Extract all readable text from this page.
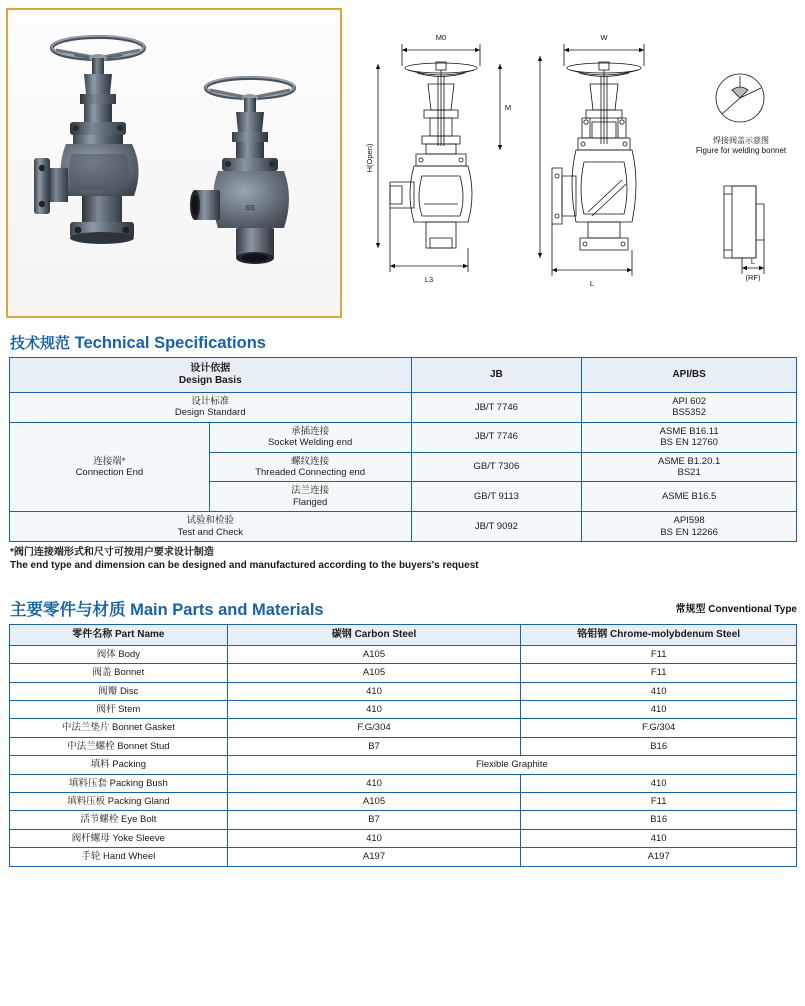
SS
M0
M
L3
H(Open)
W
L
焊接阀盖示意图
Figure for welding bonnet
L
(RF)
技术规范 Technical Specifications
设计依据
Design Basis		JB	API/BS

设计标准
Design Standard		JB/T 7746	API 602
BS5352

连接端*
Connection End	承插连接
Socket Welding end	JB/T 7746	ASME B16.11
BS EN 12760

	螺纹连接
Threaded Connecting end	GB/T 7306	ASME B1.20.1
BS21

	法兰连接
Flanged	GB/T 9113	ASME B16.5

试验和检验
Test and Check		JB/T 9092	API598
BS EN 12266
*阀门连接端形式和尺寸可按用户要求设计制造
The end type and dimension can be designed and manufactured according to the buyers's request
主要零件与材质 Main Parts and Materials	常规型 Conventional Type
零件名称 Part Name	碳钢 Carbon Steel	铬钼钢 Chrome-molybdenum Steel
阀体 Body	A105	F11
阀盖 Bonnet	A105	F11
阀瓣 Disc	410	410
阀杆 Stem	410	410
中法兰垫片 Bonnet Gasket	F.G/304	F.G/304
中法兰螺栓 Bonnet Stud	B7	B16
填料 Packing	Flexible Graphite	
填料压套 Packing Bush	410	410
填料压板 Packing Gland	A105	F11
活节螺栓 Eye Bolt	B7	B16
阀杆螺母 Yoke Sleeve	410	410
手轮 Hand Wheel	A197	A197
